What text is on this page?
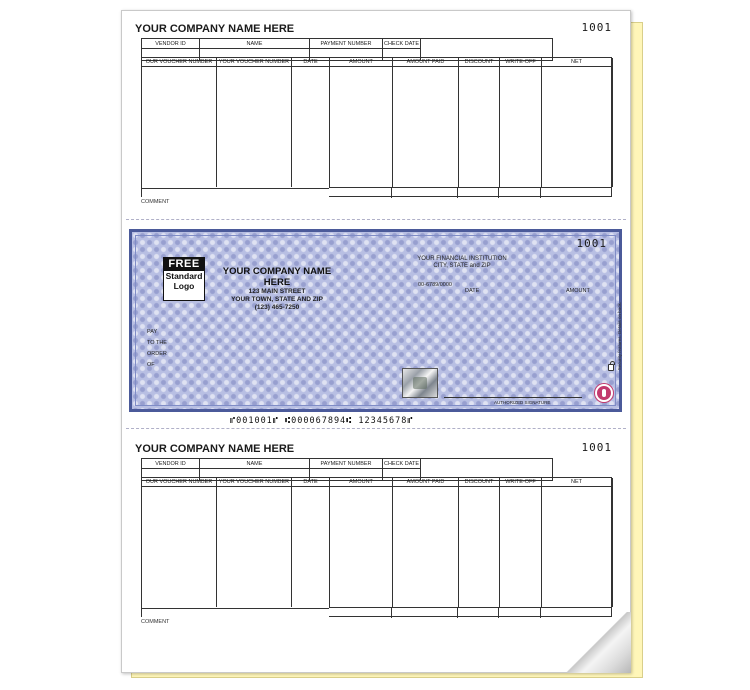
YOUR COMPANY NAME HERE	1001
VENDOR ID	NAME	PAYMENT NUMBER	CHECK DATE
OUR VOUCHER NUMBER	YOUR VOUCHER NUMBER	DATE	AMOUNT	AMOUNT PAID	DISCOUNT	WRITE-OFF	NET
COMMENT
1001
FREE
Standard
Logo
YOUR COMPANY NAME HERE
123 MAIN STREET
YOUR TOWN, STATE AND ZIP
(123) 465-7250
YOUR FINANCIAL INSTITUTION
CITY, STATE and ZIP
00-6789/0000
DATE	AMOUNT
PAY
TO THE
ORDER
OF	Security features. Details on back.
AUTHORIZED SIGNATURE
⑈001001⑈ ⑆000067894⑆ 12345678⑈
YOUR COMPANY NAME HERE	1001
VENDOR ID	NAME	PAYMENT NUMBER	CHECK DATE
OUR VOUCHER NUMBER	YOUR VOUCHER NUMBER	DATE	AMOUNT	AMOUNT PAID	DISCOUNT	WRITE-OFF	NET
COMMENT
